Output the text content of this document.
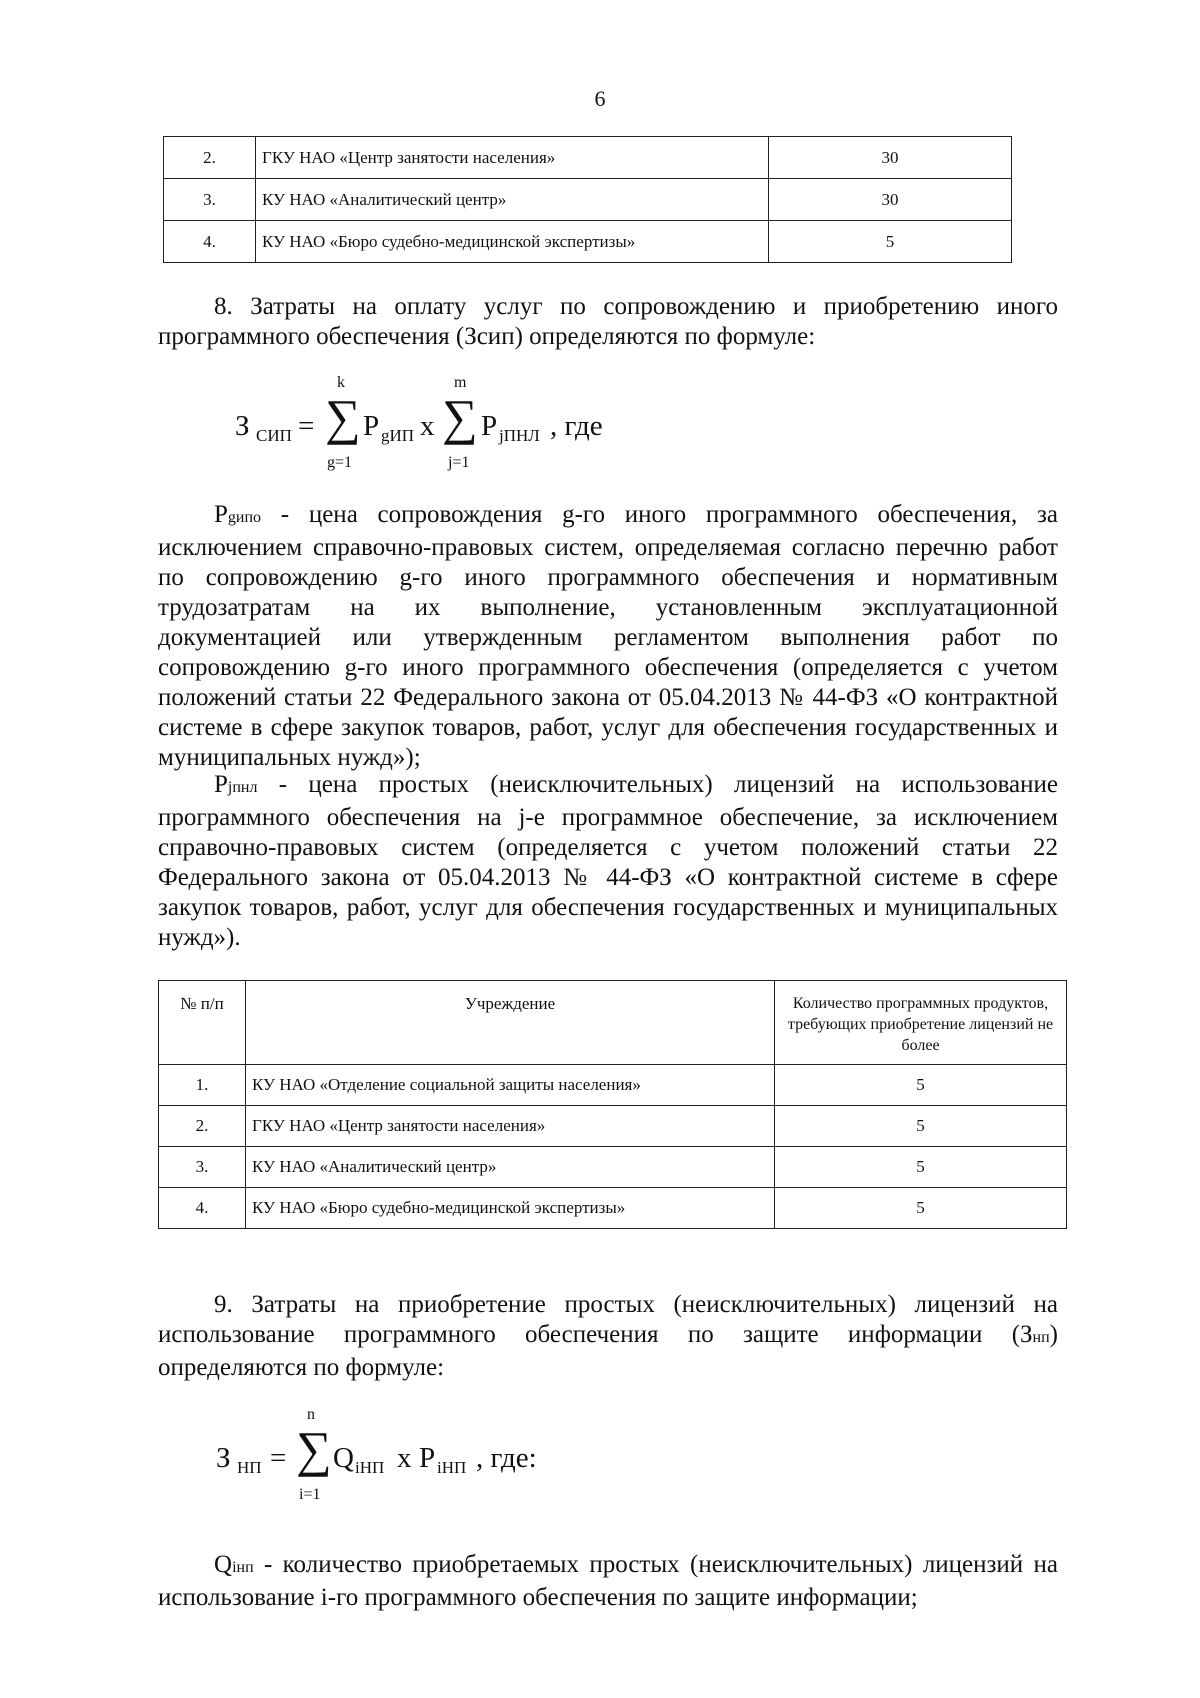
6
2.	ГКУ НАО «Центр занятости населения»	30
3.	КУ НАО «Аналитический центр»	30
4.	КУ НАО «Бюро судебно-медицинской экспертизы»	5
8. Затраты на оплату услуг по сопровождению и приобретению иного программного обеспечения (Зсип) определяются по формуле:
З СИП = ∑
k
g=1
P gИП x ∑
m
j=1
P jПНЛ , где
Pgипо - цена сопровождения g-го иного программного обеспечения, за исключением справочно-правовых систем, определяемая согласно перечню работ по сопровождению g-го иного программного обеспечения и нормативным трудозатратам на их выполнение, установленным эксплуатационной документацией или утвержденным регламентом выполнения работ по сопровождению g-го иного программного обеспечения (определяется с учетом положений статьи 22 Федерального закона от 05.04.2013 № 44-ФЗ «О контрактной системе в сфере закупок товаров, работ, услуг для обеспечения государственных и муниципальных нужд»);
Pjпнл - цена простых (неисключительных) лицензий на использование программного обеспечения на j-е программное обеспечение, за исключением справочно-правовых систем (определяется с учетом положений статьи 22 Федерального закона от 05.04.2013 № 44-ФЗ «О контрактной системе в сфере закупок товаров, работ, услуг для обеспечения государственных и муниципальных нужд»).
№ п/п	Учреждение	Количество программных продуктов, требующих приобретение лицензий не более
1.	КУ НАО «Отделение социальной защиты населения»	5
2.	ГКУ НАО «Центр занятости населения»	5
3.	КУ НАО «Аналитический центр»	5
4.	КУ НАО «Бюро судебно-медицинской экспертизы»	5
9. Затраты на приобретение простых (неисключительных) лицензий на использование программного обеспечения по защите информации (Знп) определяются по формуле:
З НП = ∑
n
i=1
Q iНП x P iНП , где:
Qiнп - количество приобретаемых простых (неисключительных) лицензий на использование i-го программного обеспечения по защите информации;
